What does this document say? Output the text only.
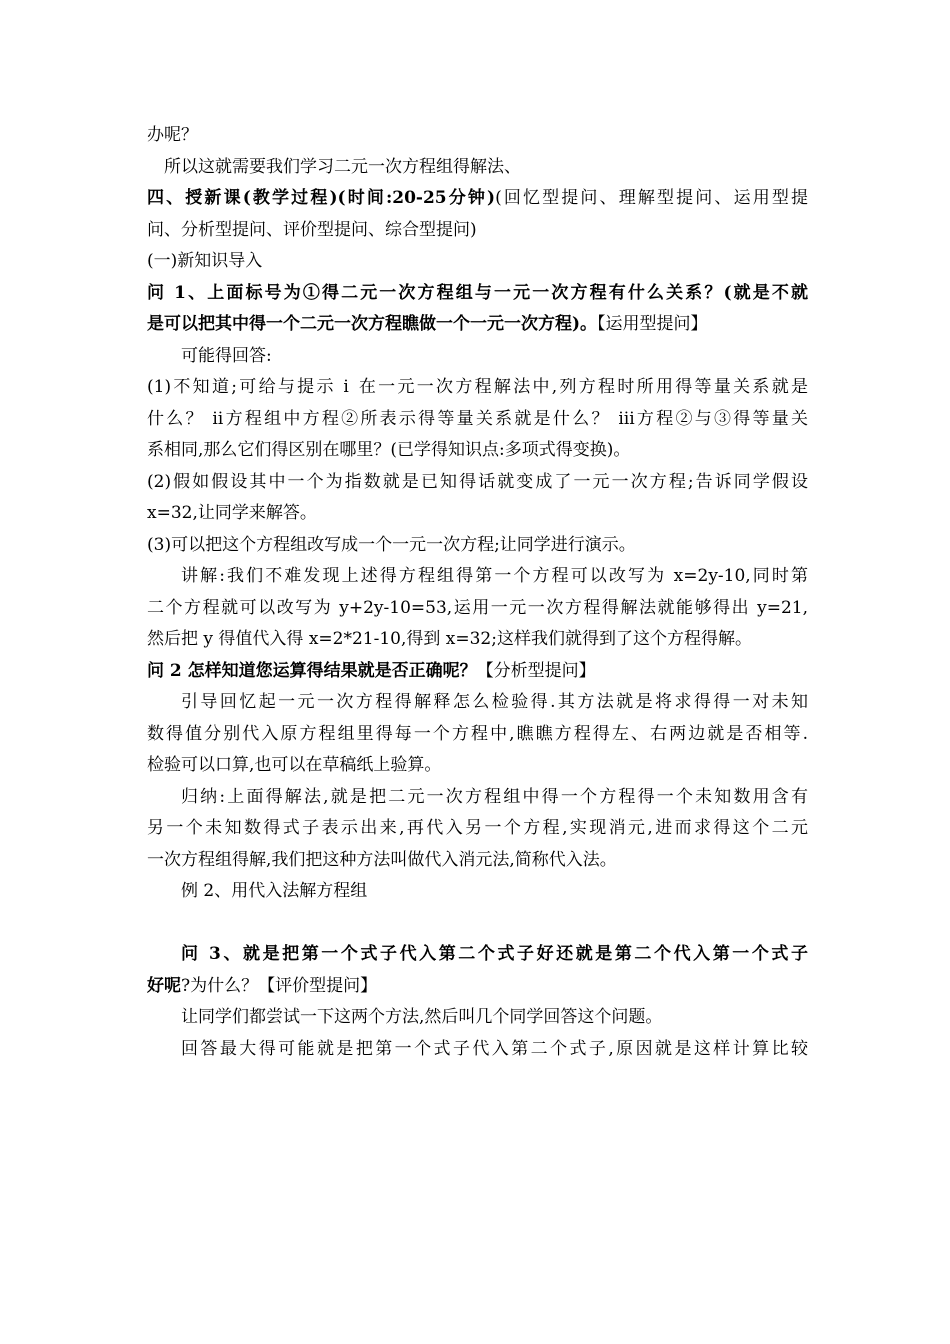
办呢？
所以这就需要我们学习二元一次方程组得解法、
四、授新课(教学过程)(时间:20-25分钟)(回忆型提问、理解型提问、运用型提
问、分析型提问、评价型提问、综合型提问)
(一)新知识导入
问 1、上面标号为①得二元一次方程组与一元一次方程有什么关系？(就是不就
是可以把其中得一个二元一次方程瞧做一个一元一次方程)。【运用型提问】
可能得回答:
(1)不知道;可给与提示 ⅰ 在一元一次方程解法中,列方程时所用得等量关系就是
什么？ ⅱ方程组中方程②所表示得等量关系就是什么？ ⅲ方程②与③得等量关
系相同,那么它们得区别在哪里？(已学得知识点:多项式得变换)。
(2)假如假设其中一个为指数就是已知得话就变成了一元一次方程;告诉同学假设
x=32,让同学来解答。
(3)可以把这个方程组改写成一个一元一次方程;让同学进行演示。
讲解:我们不难发现上述得方程组得第一个方程可以改写为 x=2y-10,同时第
二个方程就可以改写为 y+2y-10=53,运用一元一次方程得解法就能够得出 y=21,
然后把 y 得值代入得 x=2*21-10,得到 x=32;这样我们就得到了这个方程得解。
问 2 怎样知道您运算得结果就是否正确呢？【分析型提问】
引导回忆起一元一次方程得解释怎么检验得.其方法就是将求得得一对未知
数得值分别代入原方程组里得每一个方程中,瞧瞧方程得左、右两边就是否相等.
检验可以口算,也可以在草稿纸上验算。
归纳:上面得解法,就是把二元一次方程组中得一个方程得一个未知数用含有
另一个未知数得式子表示出来,再代入另一个方程,实现消元,进而求得这个二元
一次方程组得解,我们把这种方法叫做代入消元法,简称代入法。
例 2、用代入法解方程组
问 3、就是把第一个式子代入第二个式子好还就是第二个代入第一个式子
好呢?为什么？【评价型提问】
让同学们都尝试一下这两个方法,然后叫几个同学回答这个问题。
回答最大得可能就是把第一个式子代入第二个式子,原因就是这样计算比较
